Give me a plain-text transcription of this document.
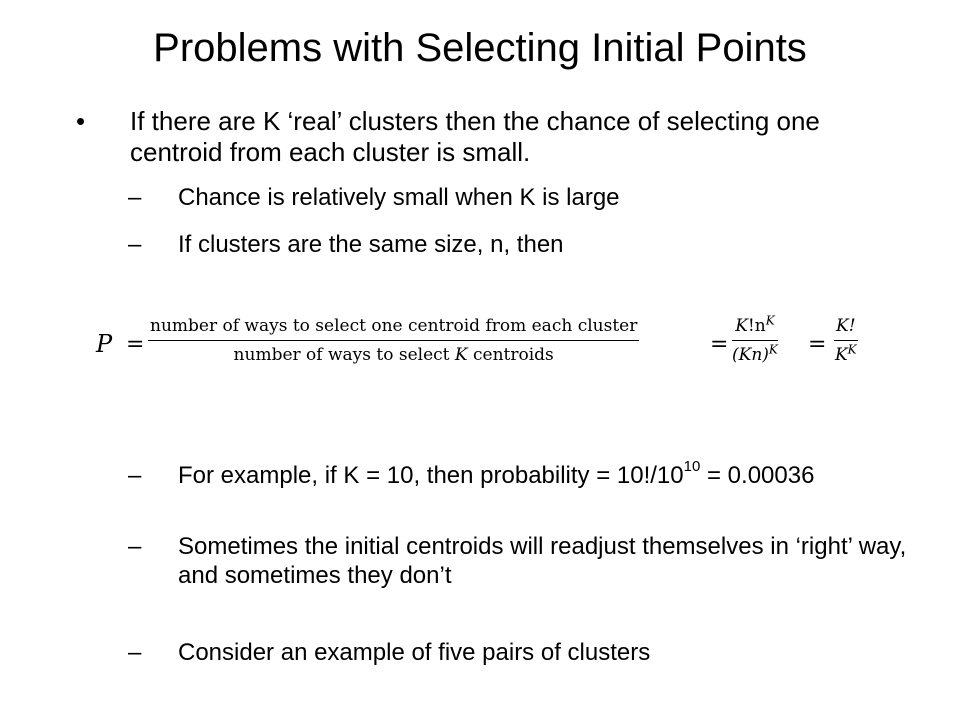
Problems with Selecting Initial Points
•	If there are K ‘real’ clusters then the chance of selecting one centroid from each cluster is small.
–	Chance is relatively small when K is large
–	If clusters are the same size, n, then
$P = \frac{\text{number of ways to select one centroid from each cluster}}{\text{number of ways to select K centroids}}$	= $\frac{K!n^K}{(Kn)^K} = \frac{K!}{K^K}$
–	For example, if K = 10, then probability = $10!/10^{10} = 0.00036$
–	Sometimes the initial centroids will readjust themselves in ‘right’ way, and sometimes they don’t
–	Consider an example of five pairs of clusters
